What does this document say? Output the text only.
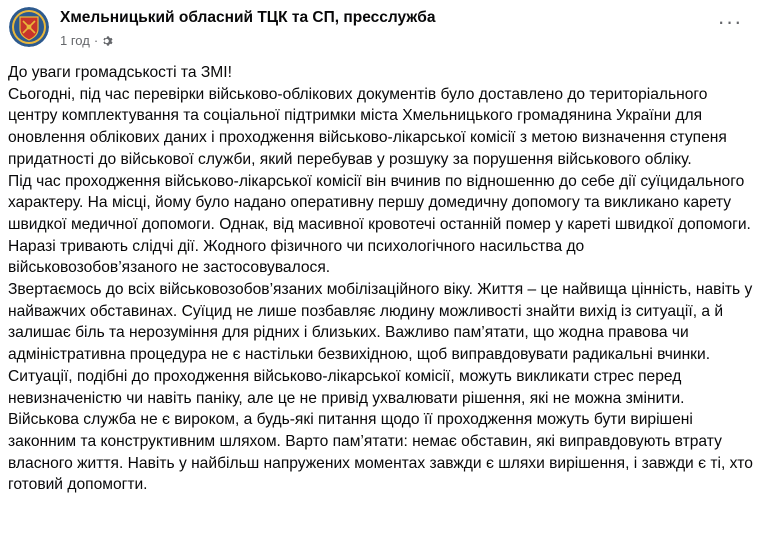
Хмельницький обласний ТЦК та СП, пресслужба
1 год ·
···

До уваги громадськості та ЗМІ!

Сьогодні, під час перевірки військово-облікових документів було доставлено до територіального центру комплектування та соціальної підтримки міста Хмельницького громадянина України для оновлення облікових даних і проходження військово-лікарської комісії з метою визначення ступеня придатності до військової служби, який перебував у розшуку за порушення військового обліку.

Під час проходження військово-лікарської комісії він вчинив по відношенню до себе дії суїцидального характеру. На місці, йому було надано оперативну першу домедичну допомогу та викликано карету швидкої медичної допомоги. Однак, від масивної кровотечі останній помер у кареті швидкої допомоги. Наразі тривають слідчі дії. Жодного фізичного чи психологічного насильства до військовозобов’язаного не застосовувалося.

Звертаємось до всіх військовозобов’язаних мобілізаційного віку. Життя – це найвища цінність, навіть у найважчих обставинах. Суїцид не лише позбавляє людину можливості знайти вихід із ситуації, а й залишає біль та нерозуміння для рідних і близьких. Важливо пам’ятати, що жодна правова чи адміністративна процедура не є настільки безвихідною, щоб виправдовувати радикальні вчинки.

Ситуації, подібні до проходження військово-лікарської комісії, можуть викликати стрес перед невизначеністю чи навіть паніку, але це не привід ухвалювати рішення, які не можна змінити. Військова служба не є вироком, а будь-які питання щодо її проходження можуть бути вирішені законним та конструктивним шляхом. Варто пам’ятати: немає обставин, які виправдовують втрату власного життя. Навіть у найбільш напружених моментах завжди є шляхи вирішення, і завжди є ті, хто готовий допомогти.
